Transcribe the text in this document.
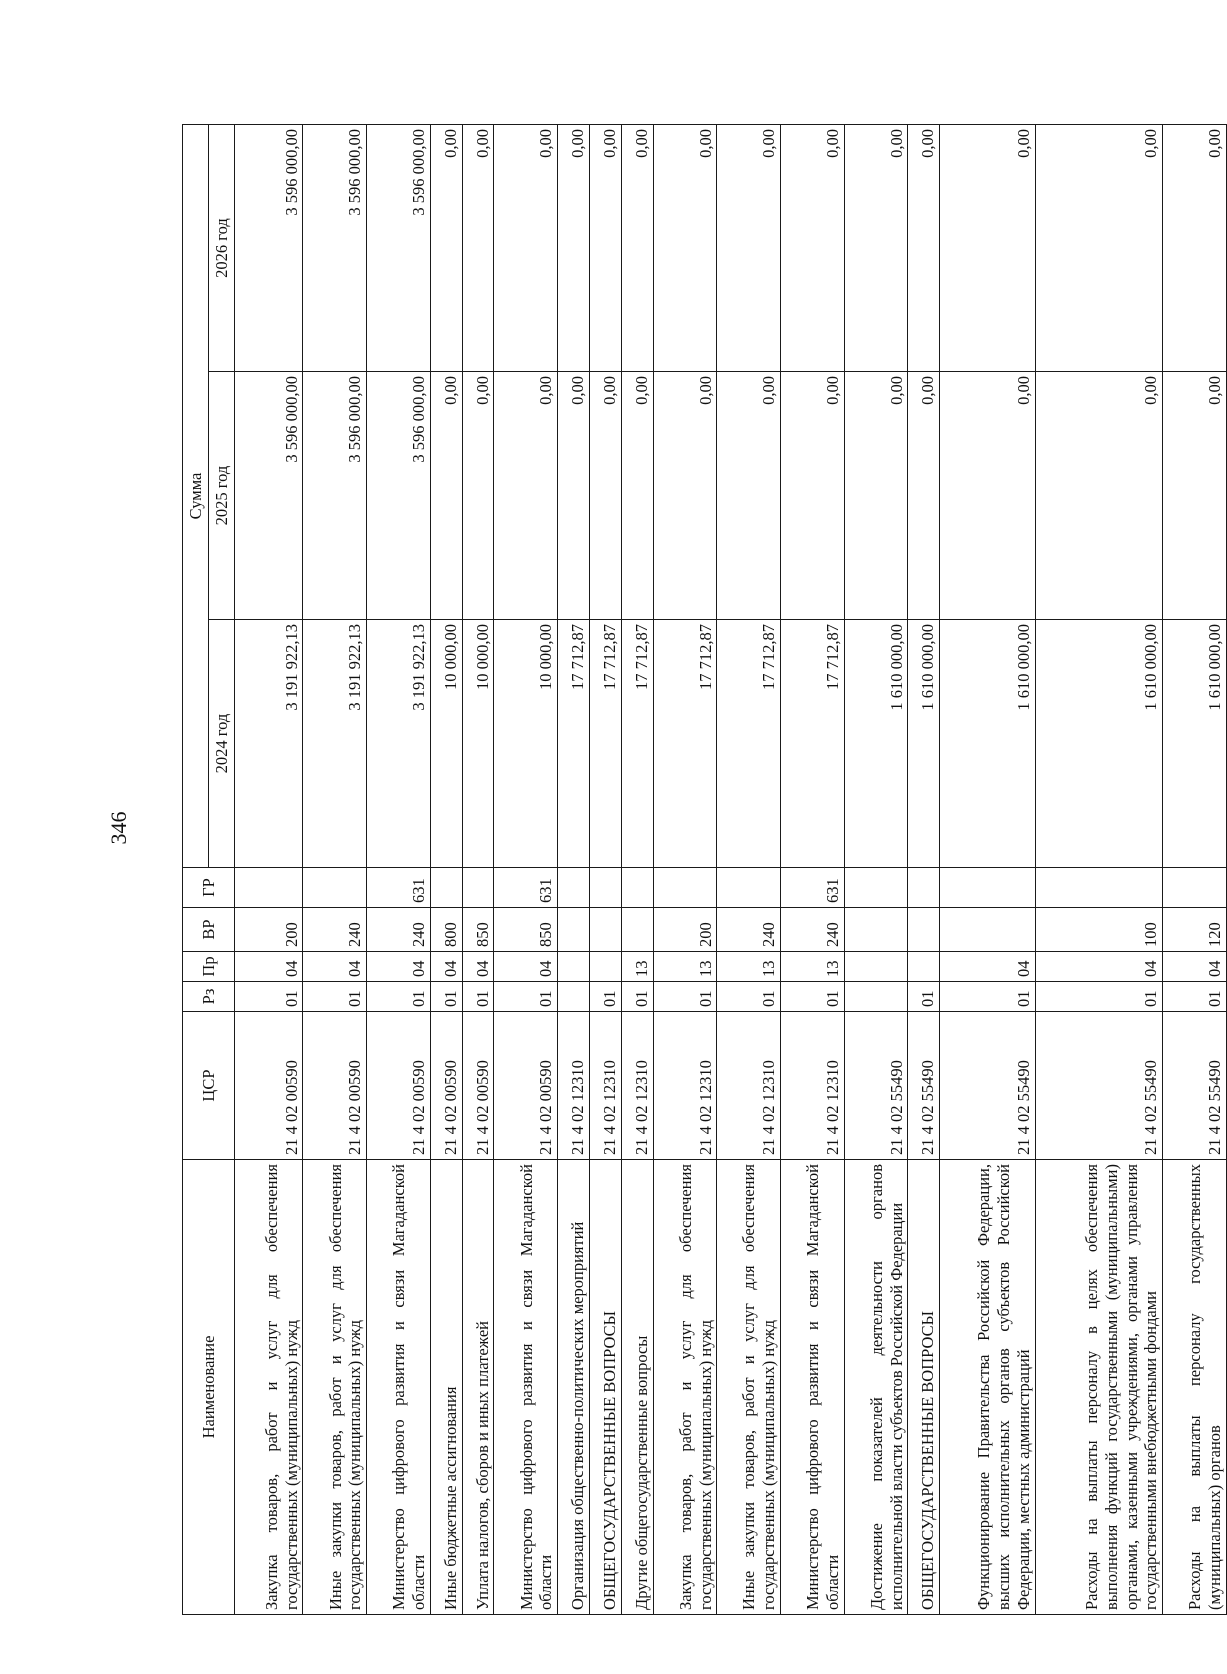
346
Наименование	ЦСР	Рз	Пр	ВР	ГР	Сумма		
						2024 год	2025 год	2026 год
Закупка товаров, работ и услуг для обеспечения государственных (муниципальных) нужд	21 4 02 00590	01	04	200		3 191 922,13	3 596 000,00	3 596 000,00
Иные закупки товаров, работ и услуг для обеспечения государственных (муниципальных) нужд	21 4 02 00590	01	04	240		3 191 922,13	3 596 000,00	3 596 000,00
Министерство цифрового развития и связи Магаданской области	21 4 02 00590	01	04	240	631	3 191 922,13	3 596 000,00	3 596 000,00
Иные бюджетные ассигнования	21 4 02 00590	01	04	800		10 000,00	0,00	0,00
Уплата налогов, сборов и иных платежей	21 4 02 00590	01	04	850		10 000,00	0,00	0,00
Министерство цифрового развития и связи Магаданской области	21 4 02 00590	01	04	850	631	10 000,00	0,00	0,00
Организация общественно-политических мероприятий	21 4 02 12310					17 712,87	0,00	0,00
ОБЩЕГОСУДАРСТВЕННЫЕ ВОПРОСЫ	21 4 02 12310	01				17 712,87	0,00	0,00
Другие общегосударственные вопросы	21 4 02 12310	01	13			17 712,87	0,00	0,00
Закупка товаров, работ и услуг для обеспечения государственных (муниципальных) нужд	21 4 02 12310	01	13	200		17 712,87	0,00	0,00
Иные закупки товаров, работ и услуг для обеспечения государственных (муниципальных) нужд	21 4 02 12310	01	13	240		17 712,87	0,00	0,00
Министерство цифрового развития и связи Магаданской области	21 4 02 12310	01	13	240	631	17 712,87	0,00	0,00
Достижение показателей деятельности органов исполнительной власти субъектов Российской Федерации	21 4 02 55490					1 610 000,00	0,00	0,00
ОБЩЕГОСУДАРСТВЕННЫЕ ВОПРОСЫ	21 4 02 55490	01				1 610 000,00	0,00	0,00
Функционирование Правительства Российской Федерации, высших исполнительных органов субъектов Российской Федерации, местных администраций	21 4 02 55490	01	04			1 610 000,00	0,00	0,00
Расходы на выплаты персоналу в целях обеспечения выполнения функций государственными (муниципальными) органами, казенными учреждениями, органами управления государственными внебюджетными фондами	21 4 02 55490	01	04	100		1 610 000,00	0,00	0,00
Расходы на выплаты персоналу государственных (муниципальных) органов	21 4 02 55490	01	04	120		1 610 000,00	0,00	0,00
